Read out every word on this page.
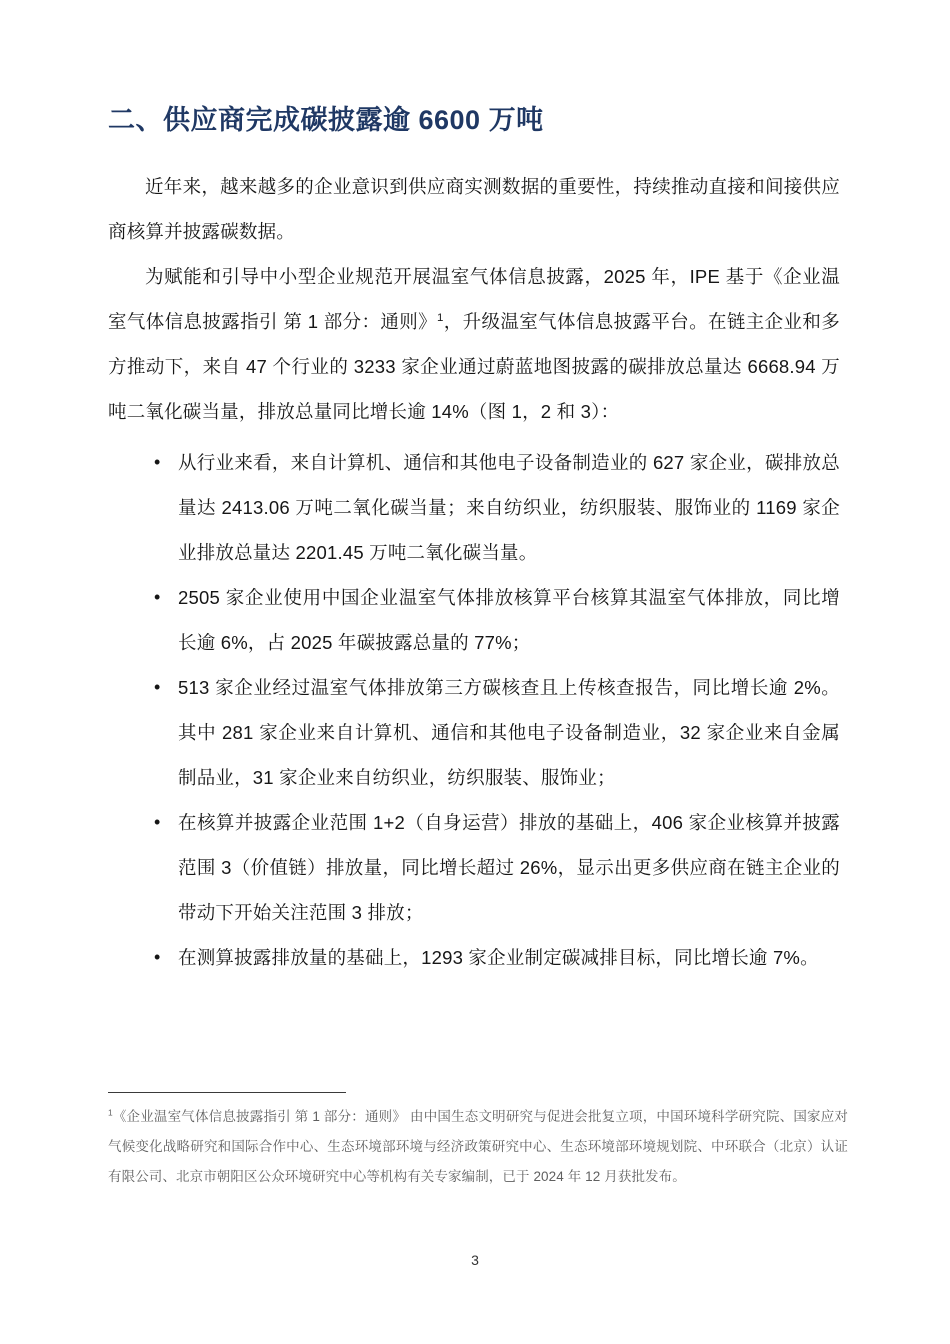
二、供应商完成碳披露逾 6600 万吨

近年来，越来越多的企业意识到供应商实测数据的重要性，持续推动直接和间接供应商核算并披露碳数据。

为赋能和引导中小型企业规范开展温室气体信息披露，2025 年，IPE 基于《企业温室气体信息披露指引 第 1 部分：通则》$^1$，升级温室气体信息披露平台。在链主企业和多方推动下，来自 47 个行业的 3233 家企业通过蔚蓝地图披露的碳排放总量达 6668.94 万吨二氧化碳当量，排放总量同比增长逾 14%（图 1，2 和 3）：

• 从行业来看，来自计算机、通信和其他电子设备制造业的 627 家企业，碳排放总量达 2413.06 万吨二氧化碳当量；来自纺织业，纺织服装、服饰业的 1169 家企业排放总量达 2201.45 万吨二氧化碳当量。
• 2505 家企业使用中国企业温室气体排放核算平台核算其温室气体排放，同比增长逾 6%，占 2025 年碳披露总量的 77%；
• 513 家企业经过温室气体排放第三方碳核查且上传核查报告，同比增长逾 2%。其中 281 家企业来自计算机、通信和其他电子设备制造业，32 家企业来自金属制品业，31 家企业来自纺织业，纺织服装、服饰业；
• 在核算并披露企业范围 1+2（自身运营）排放的基础上，406 家企业核算并披露范围 3（价值链）排放量，同比增长超过 26%，显示出更多供应商在链主企业的带动下开始关注范围 3 排放；
• 在测算披露排放量的基础上，1293 家企业制定碳减排目标，同比增长逾 7%。

$^1$《企业温室气体信息披露指引 第 1 部分：通则》 由中国生态文明研究与促进会批复立项，中国环境科学研究院、国家应对气候变化战略研究和国际合作中心、生态环境部环境与经济政策研究中心、生态环境部环境规划院、中环联合（北京）认证有限公司、北京市朝阳区公众环境研究中心等机构有关专家编制，已于 2024 年 12 月获批发布。

3
